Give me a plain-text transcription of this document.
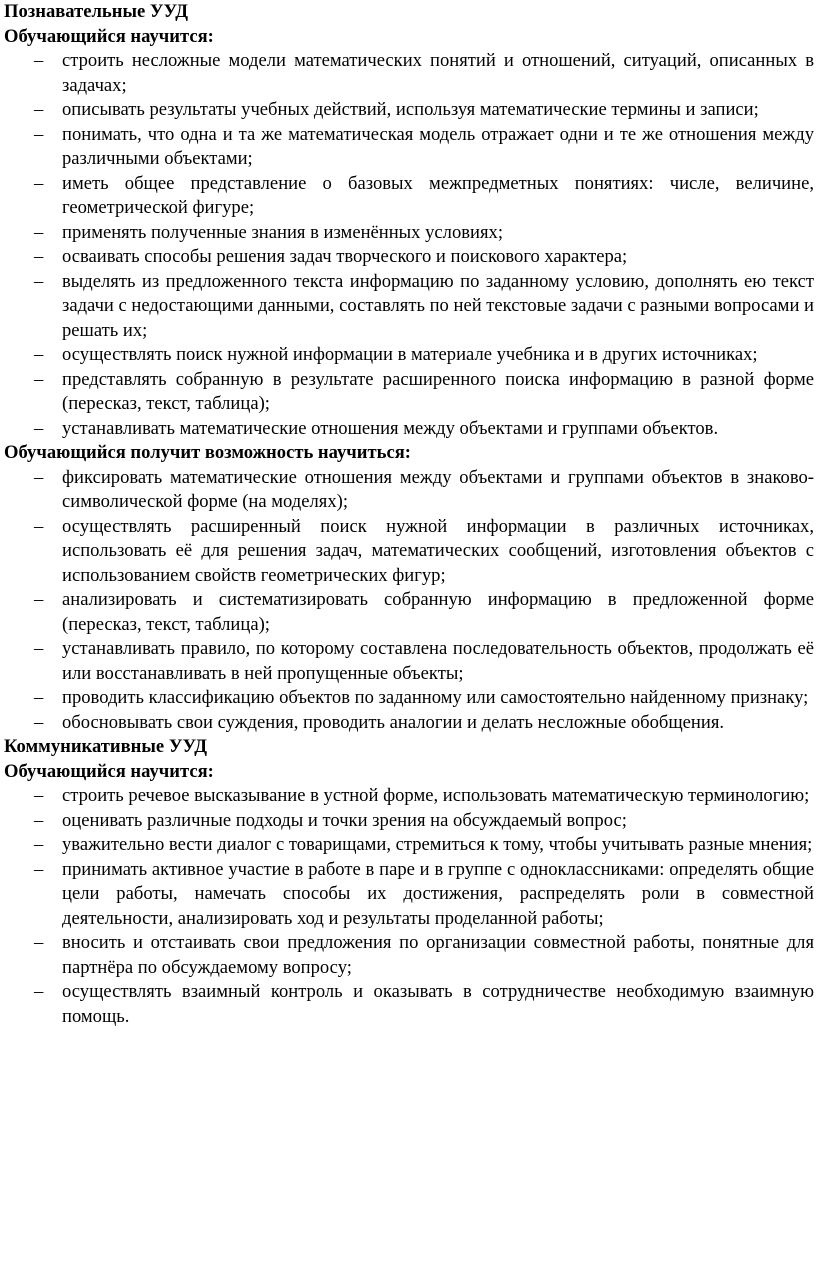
Познавательные УУД

Обучающийся научится:

– строить несложные модели математических понятий и отношений, ситуаций, описанных в задачах;
– описывать результаты учебных действий, используя математические термины и записи;
– понимать, что одна и та же математическая модель отражает одни и те же отношения между различными объектами;
– иметь общее представление о базовых межпредметных понятиях: числе, величине, геометрической фигуре;
– применять полученные знания в изменённых условиях;
– осваивать способы решения задач творческого и поискового характера;
– выделять из предложенного текста информацию по заданному условию, дополнять ею текст задачи с недостающими данными, составлять по ней текстовые задачи с разными вопросами и решать их;
– осуществлять поиск нужной информации в материале учебника и в других источниках;
– представлять собранную в результате расширенного поиска информацию в разной форме (пересказ, текст, таблица);
– устанавливать математические отношения между объектами и группами объектов.

Обучающийся получит возможность научиться:

– фиксировать математические отношения между объектами и группами объектов в знаково-символической форме (на моделях);
– осуществлять расширенный поиск нужной информации в различных источниках, использовать её для решения задач, математических сообщений, изготовления объектов с использованием свойств геометрических фигур;
– анализировать и систематизировать собранную информацию в предложенной форме (пересказ, текст, таблица);
– устанавливать правило, по которому составлена последовательность объектов, продолжать её или восстанавливать в ней пропущенные объекты;
– проводить классификацию объектов по заданному или самостоятельно найденному признаку;
– обосновывать свои суждения, проводить аналогии и делать несложные обобщения.

Коммуникативные УУД

Обучающийся научится:

– строить речевое высказывание в устной форме, использовать математическую терминологию;
– оценивать различные подходы и точки зрения на обсуждаемый вопрос;
– уважительно вести диалог с товарищами, стремиться к тому, чтобы учитывать разные мнения;
– принимать активное участие в работе в паре и в группе с одноклассниками: определять общие цели работы, намечать способы их достижения, распределять роли в совместной деятельности, анализировать ход и результаты проделанной работы;
– вносить и отстаивать свои предложения по организации совместной работы, понятные для партнёра по обсуждаемому вопросу;
– осуществлять взаимный контроль и оказывать в сотрудничестве необходимую взаимную помощь.
